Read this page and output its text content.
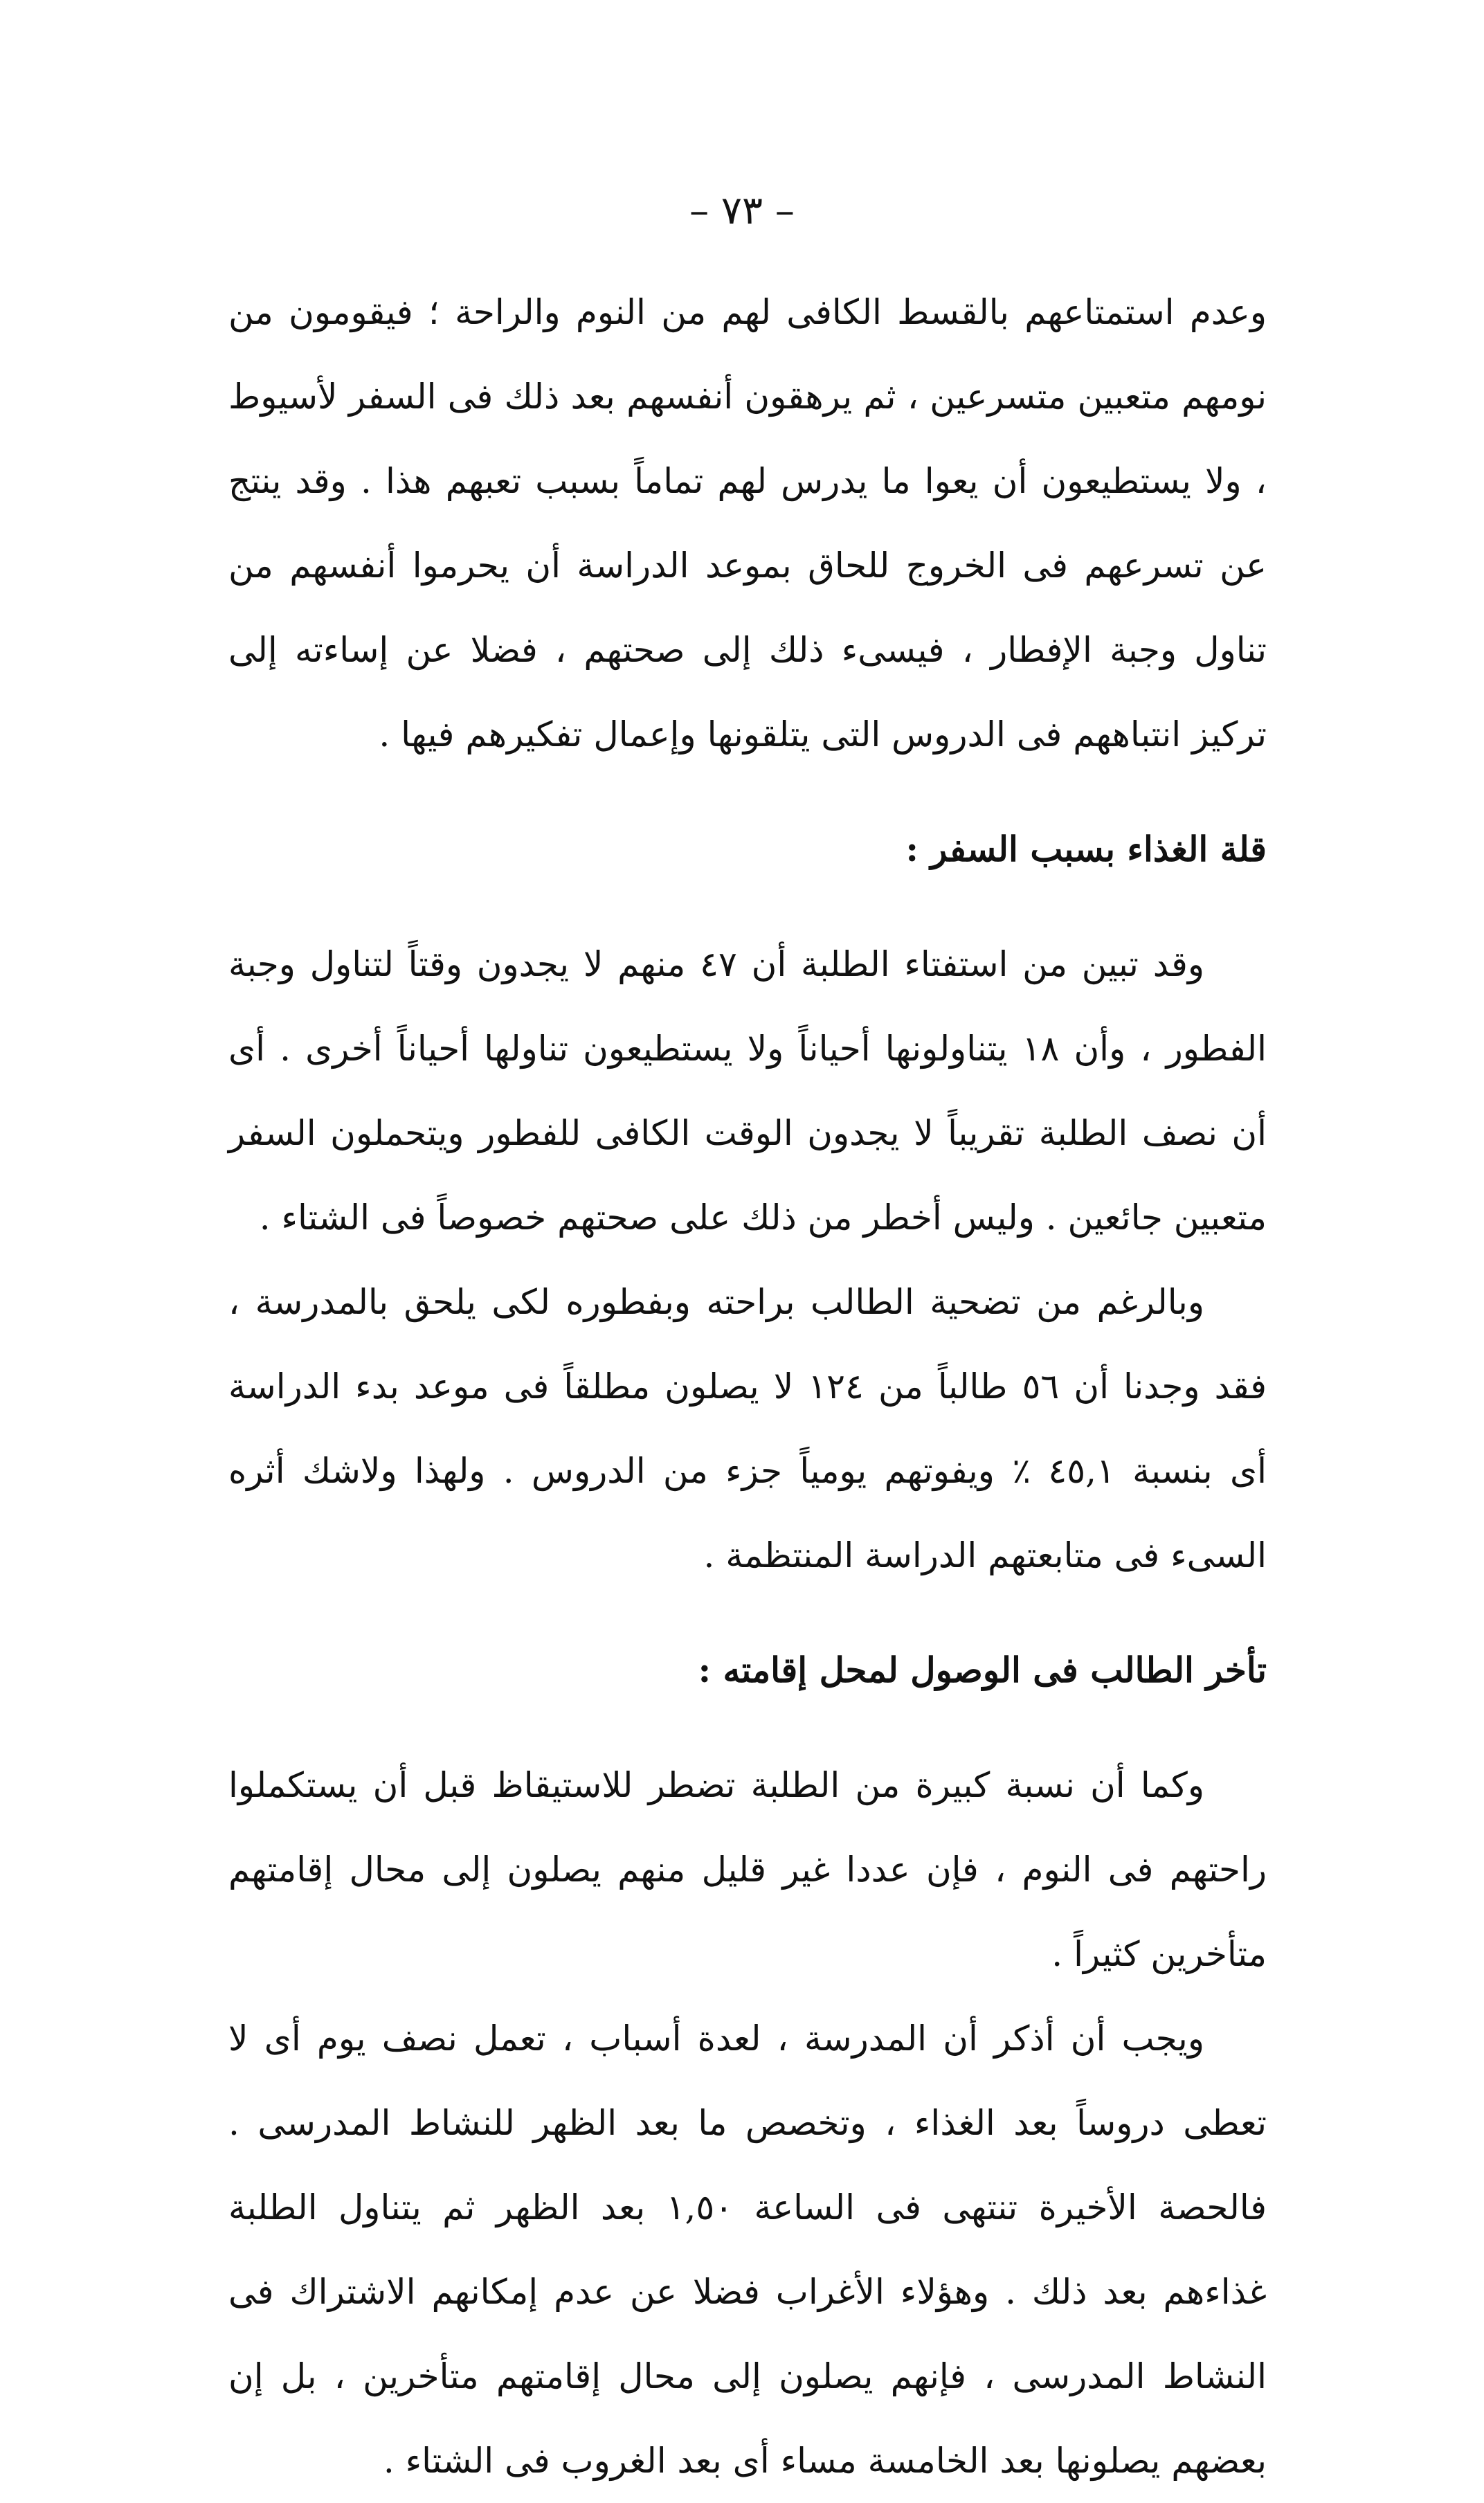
– ٧٣ –

وعدم استمتاعهم بالقسط الكافى لهم من النوم والراحة ؛ فيقومون من نومهم متعبين متسرعين ، ثم يرهقون أنفسهم بعد ذلك فى السفر لأسيوط ، ولا يستطيعون أن يعوا ما يدرس لهم تماماً بسبب تعبهم هذا . وقد ينتج عن تسرعهم فى الخروج للحاق بموعد الدراسة أن يحرموا أنفسهم من تناول وجبة الإفطار ، فيسىء ذلك إلى صحتهم ، فضلا عن إساءته إلى تركيز انتباههم فى الدروس التى يتلقونها وإعمال تفكيرهم فيها .

قلة الغذاء بسبب السفر :

وقد تبين من استفتاء الطلبة أن ٤٧ منهم لا يجدون وقتاً لتناول وجبة الفطور ، وأن ١٨ يتناولونها أحياناً ولا يستطيعون تناولها أحياناً أخرى . أى أن نصف الطلبة تقريباً لا يجدون الوقت الكافى للفطور ويتحملون السفر متعبين جائعين . وليس أخطر من ذلك على صحتهم خصوصاً فى الشتاء .

وبالرغم من تضحية الطالب براحته وبفطوره لكى يلحق بالمدرسة ، فقد وجدنا أن ٥٦ طالباً من ١٢٤ لا يصلون مطلقاً فى موعد بدء الدراسة أى بنسبة ٤٥,١ ٪ ويفوتهم يومياً جزء من الدروس . ولهذا ولاشك أثره السىء فى متابعتهم الدراسة المنتظمة .

تأخر الطالب فى الوصول لمحل إقامته :

وكما أن نسبة كبيرة من الطلبة تضطر للاستيقاظ قبل أن يستكملوا راحتهم فى النوم ، فإن عددا غير قليل منهم يصلون إلى محال إقامتهم متأخرين كثيراً .

ويجب أن أذكر أن المدرسة ، لعدة أسباب ، تعمل نصف يوم أى لا تعطى دروساً بعد الغذاء ، وتخصص ما بعد الظهر للنشاط المدرسى . فالحصة الأخيرة تنتهى فى الساعة ١,٥٠ بعد الظهر ثم يتناول الطلبة غذاءهم بعد ذلك . وهؤلاء الأغراب فضلا عن عدم إمكانهم الاشتراك فى النشاط المدرسى ، فإنهم يصلون إلى محال إقامتهم متأخرين ، بل إن بعضهم يصلونها بعد الخامسة مساء أى بعد الغروب فى الشتاء .
